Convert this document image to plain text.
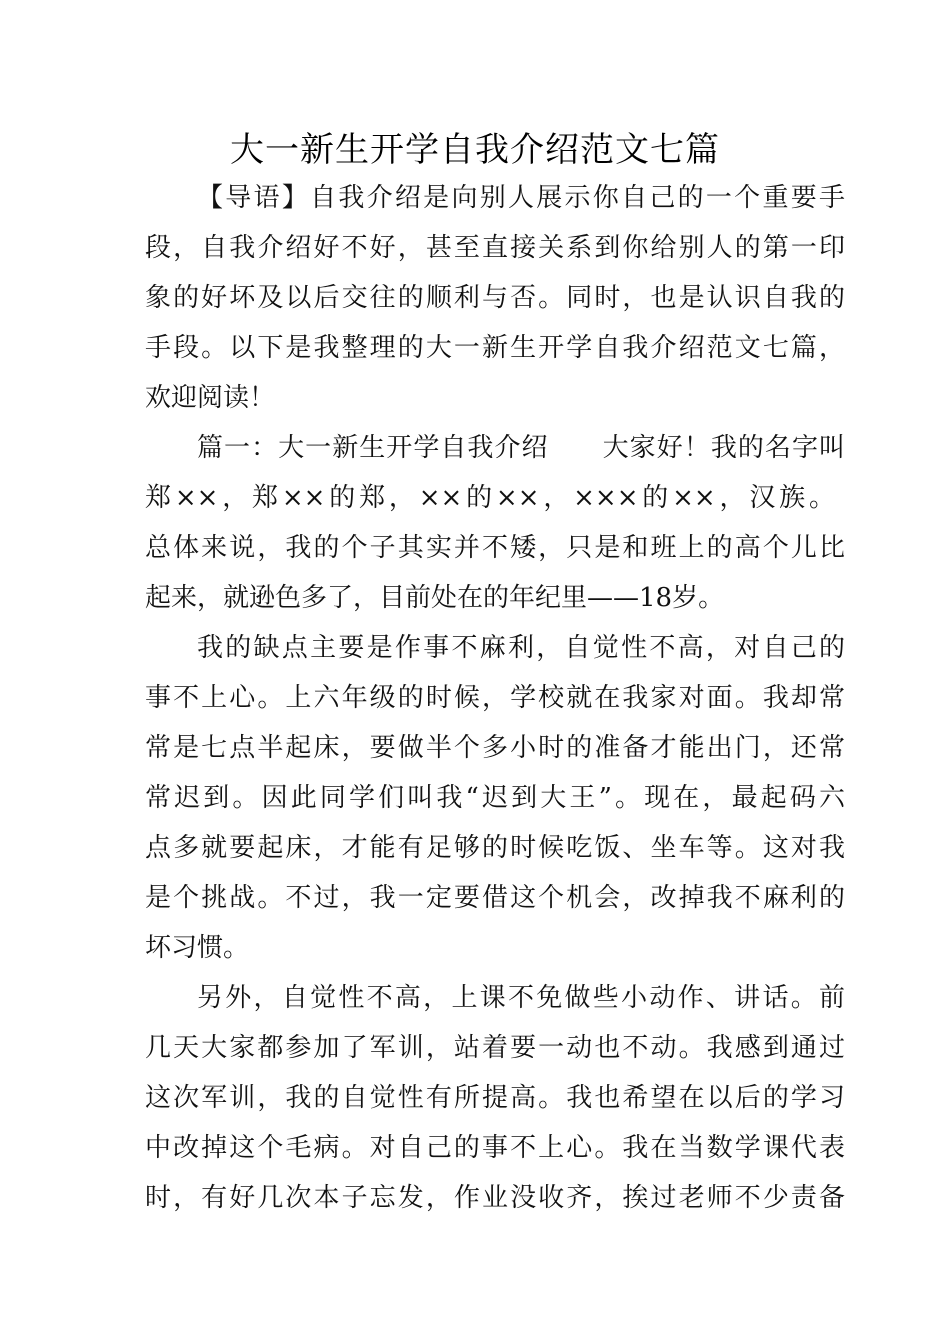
大一新生开学自我介绍范文七篇
【导语】自我介绍是向别人展示你自己的一个重要手
段，自我介绍好不好，甚至直接关系到你给别人的第一印
象的好坏及以后交往的顺利与否。同时，也是认识自我的
手段。以下是我整理的大一新生开学自我介绍范文七篇，
欢迎阅读！
篇一：大一新生开学自我介绍　　大家好！我的名字叫
郑××，郑××的郑，××的××，×××的××，汉族。
总体来说，我的个子其实并不矮，只是和班上的高个儿比
起来，就逊色多了，目前处在的年纪里——18岁。
我的缺点主要是作事不麻利，自觉性不高，对自己的
事不上心。上六年级的时候，学校就在我家对面。我却常
常是七点半起床，要做半个多小时的准备才能出门，还常
常迟到。因此同学们叫我“迟到大王”。现在，最起码六
点多就要起床，才能有足够的时候吃饭、坐车等。这对我
是个挑战。不过，我一定要借这个机会，改掉我不麻利的
坏习惯。
另外，自觉性不高，上课不免做些小动作、讲话。前
几天大家都参加了军训，站着要一动也不动。我感到通过
这次军训，我的自觉性有所提高。我也希望在以后的学习
中改掉这个毛病。对自己的事不上心。我在当数学课代表
时，有好几次本子忘发，作业没收齐，挨过老师不少责备
